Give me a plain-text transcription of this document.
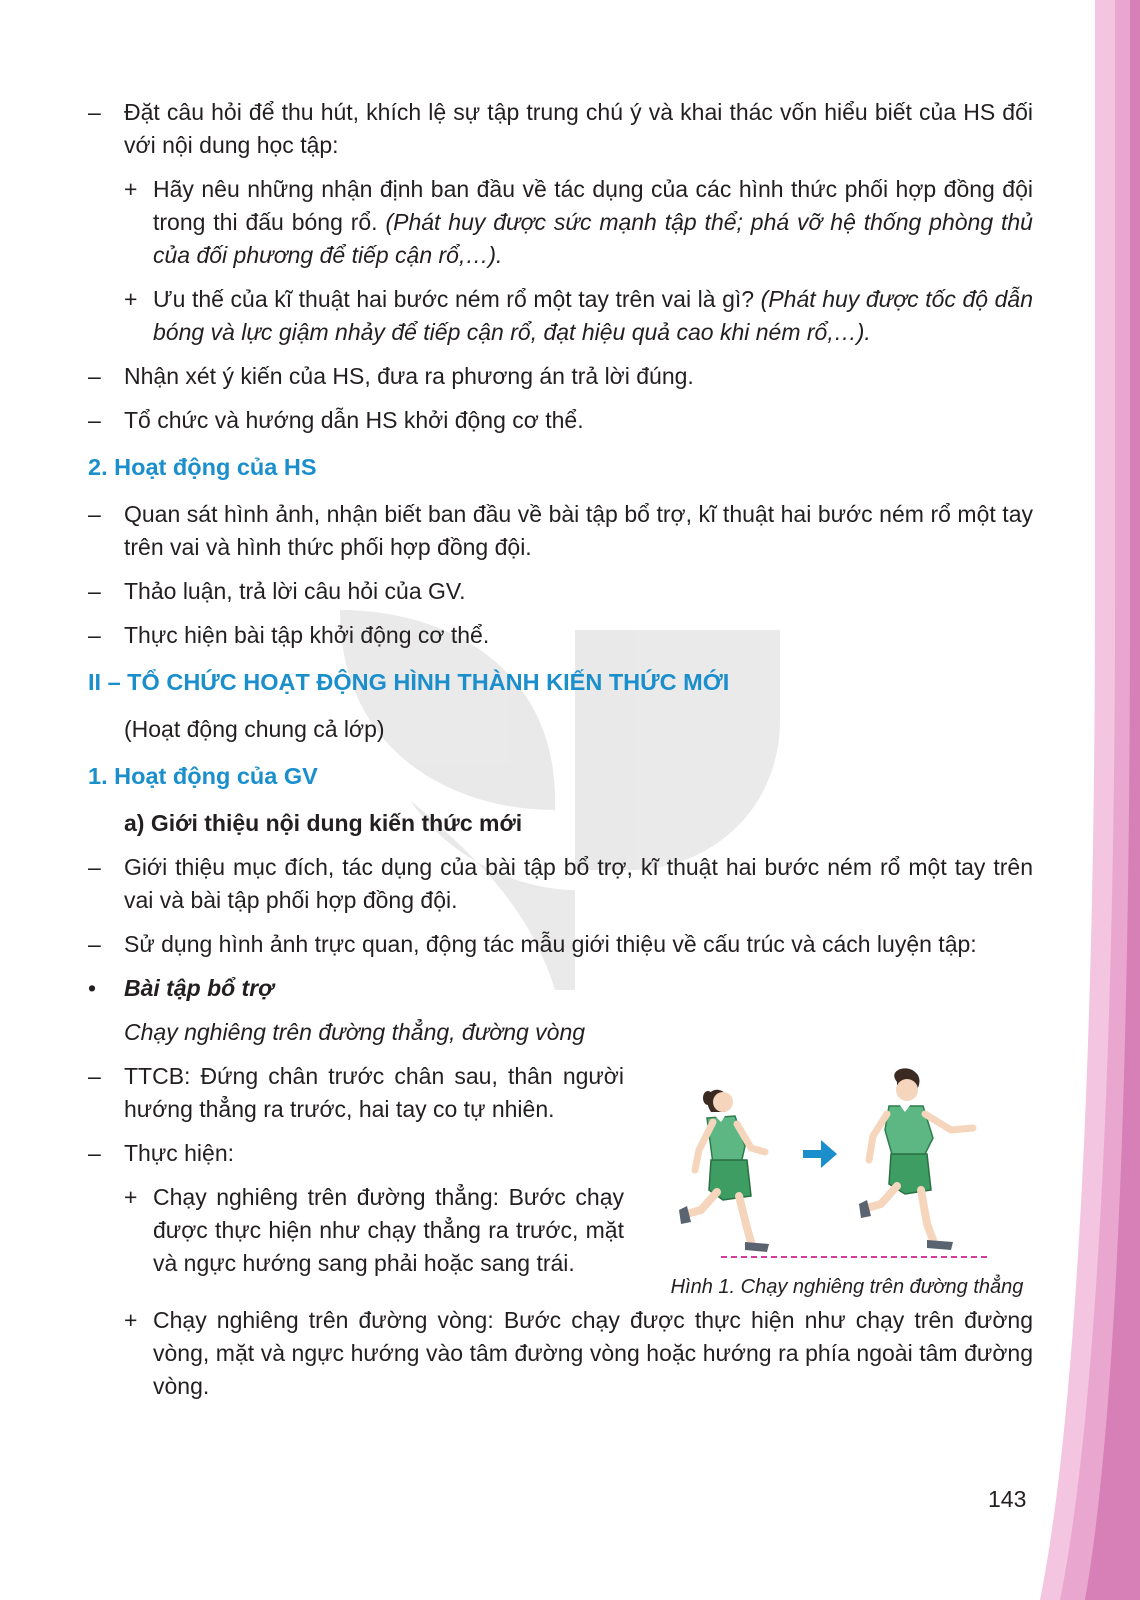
– Đặt câu hỏi để thu hút, khích lệ sự tập trung chú ý và khai thác vốn hiểu biết của HS đối với nội dung học tập:
+ Hãy nêu những nhận định ban đầu về tác dụng của các hình thức phối hợp đồng đội trong thi đấu bóng rổ. (Phát huy được sức mạnh tập thể; phá vỡ hệ thống phòng thủ của đối phương để tiếp cận rổ,…).
+ Ưu thế của kĩ thuật hai bước ném rổ một tay trên vai là gì? (Phát huy được tốc độ dẫn bóng và lực giậm nhảy để tiếp cận rổ, đạt hiệu quả cao khi ném rổ,…).
– Nhận xét ý kiến của HS, đưa ra phương án trả lời đúng.
– Tổ chức và hướng dẫn HS khởi động cơ thể.
2. Hoạt động của HS
– Quan sát hình ảnh, nhận biết ban đầu về bài tập bổ trợ, kĩ thuật hai bước ném rổ một tay trên vai và hình thức phối hợp đồng đội.
– Thảo luận, trả lời câu hỏi của GV.
– Thực hiện bài tập khởi động cơ thể.
II – TỔ CHỨC HOẠT ĐỘNG HÌNH THÀNH KIẾN THỨC MỚI
(Hoạt động chung cả lớp)
1. Hoạt động của GV
a) Giới thiệu nội dung kiến thức mới
– Giới thiệu mục đích, tác dụng của bài tập bổ trợ, kĩ thuật hai bước ném rổ một tay trên vai và bài tập phối hợp đồng đội.
– Sử dụng hình ảnh trực quan, động tác mẫu giới thiệu về cấu trúc và cách luyện tập:
• Bài tập bổ trợ
Chạy nghiêng trên đường thẳng, đường vòng
– TTCB: Đứng chân trước chân sau, thân người hướng thẳng ra trước, hai tay co tự nhiên.
– Thực hiện:
+ Chạy nghiêng trên đường thẳng: Bước chạy được thực hiện như chạy thẳng ra trước, mặt và ngực hướng sang phải hoặc sang trái.
Hình 1. Chạy nghiêng trên đường thẳng
+ Chạy nghiêng trên đường vòng: Bước chạy được thực hiện như chạy trên đường vòng, mặt và ngực hướng vào tâm đường vòng hoặc hướng ra phía ngoài tâm đường vòng.
143
